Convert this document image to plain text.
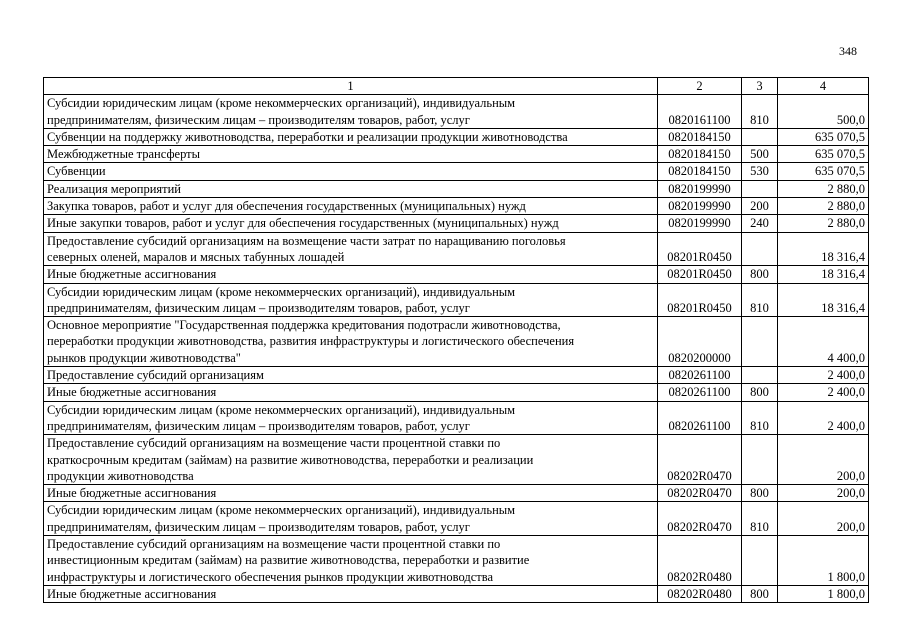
348
1	2	3	4
Субсидии юридическим лицам (кроме некоммерческих организаций), индивидуальным
предпринимателям, физическим лицам – производителям товаров, работ, услуг	0820161100	810	500,0
Субвенции на поддержку животноводства, переработки и реализации продукции животноводства	0820184150		635 070,5
Межбюджетные трансферты	0820184150	500	635 070,5
Субвенции	0820184150	530	635 070,5
Реализация мероприятий	0820199990		2 880,0
Закупка товаров, работ и услуг для обеспечения государственных (муниципальных) нужд	0820199990	200	2 880,0
Иные закупки товаров, работ и услуг для обеспечения государственных (муниципальных) нужд	0820199990	240	2 880,0
Предоставление субсидий организациям на возмещение части затрат по наращиванию поголовья
северных оленей, маралов и мясных табунных лошадей	08201R0450		18 316,4
Иные бюджетные ассигнования	08201R0450	800	18 316,4
Субсидии юридическим лицам (кроме некоммерческих организаций), индивидуальным
предпринимателям, физическим лицам – производителям товаров, работ, услуг	08201R0450	810	18 316,4
Основное мероприятие "Государственная поддержка кредитования подотрасли животноводства,
переработки продукции животноводства, развития инфраструктуры и логистического обеспечения
рынков продукции животноводства"	0820200000		4 400,0
Предоставление субсидий организациям	0820261100		2 400,0
Иные бюджетные ассигнования	0820261100	800	2 400,0
Субсидии юридическим лицам (кроме некоммерческих организаций), индивидуальным
предпринимателям, физическим лицам – производителям товаров, работ, услуг	0820261100	810	2 400,0
Предоставление субсидий организациям на возмещение части процентной ставки по
краткосрочным кредитам (займам) на развитие животноводства, переработки и реализации
продукции животноводства	08202R0470		200,0
Иные бюджетные ассигнования	08202R0470	800	200,0
Субсидии юридическим лицам (кроме некоммерческих организаций), индивидуальным
предпринимателям, физическим лицам – производителям товаров, работ, услуг	08202R0470	810	200,0
Предоставление субсидий организациям на возмещение части процентной ставки по
инвестиционным кредитам (займам) на развитие животноводства, переработки и развитие
инфраструктуры и логистического обеспечения рынков продукции животноводства	08202R0480		1 800,0
Иные бюджетные ассигнования	08202R0480	800	1 800,0
